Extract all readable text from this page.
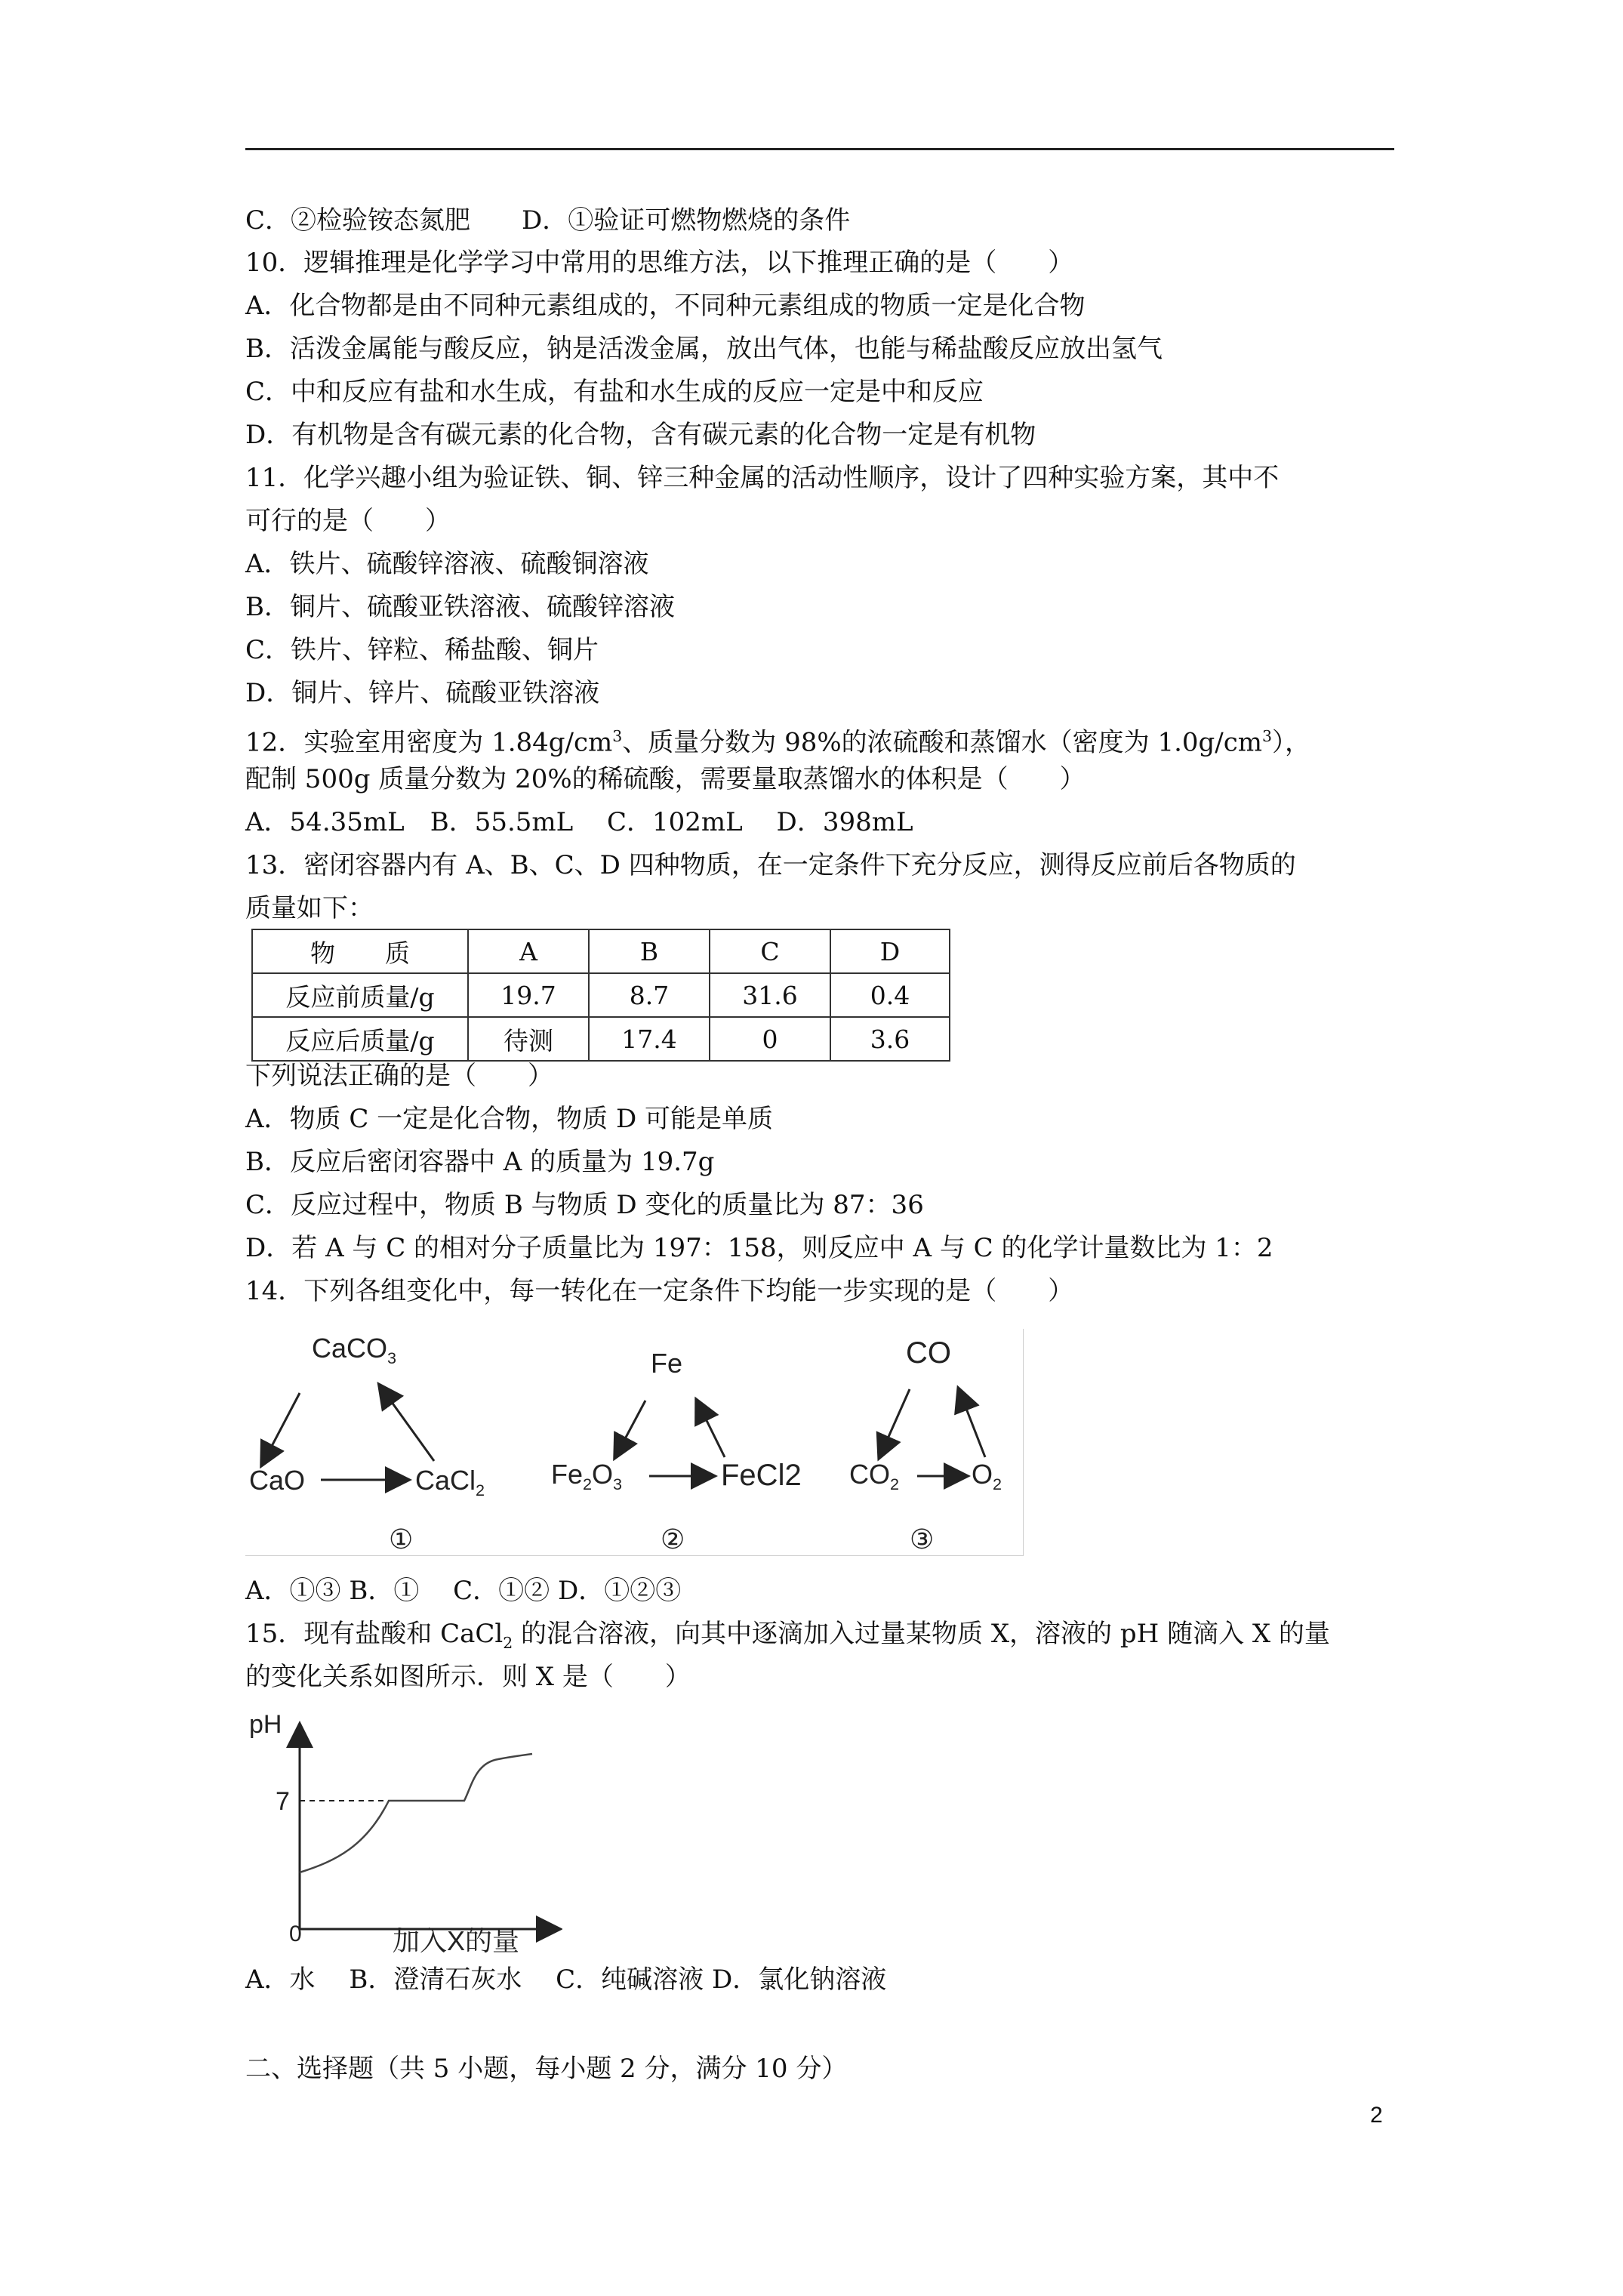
C．②检验铵态氮肥　　D．①验证可燃物燃烧的条件
10．逻辑推理是化学学习中常用的思维方法，以下推理正确的是（　　）
A．化合物都是由不同种元素组成的，不同种元素组成的物质一定是化合物
B．活泼金属能与酸反应，钠是活泼金属，放出气体，也能与稀盐酸反应放出氢气
C．中和反应有盐和水生成，有盐和水生成的反应一定是中和反应
D．有机物是含有碳元素的化合物，含有碳元素的化合物一定是有机物
11．化学兴趣小组为验证铁、铜、锌三种金属的活动性顺序，设计了四种实验方案，其中不
可行的是（　　）
A．铁片、硫酸锌溶液、硫酸铜溶液
B．铜片、硫酸亚铁溶液、硫酸锌溶液
C．铁片、锌粒、稀盐酸、铜片
D．铜片、锌片、硫酸亚铁溶液
12．实验室用密度为 $1.84g/cm^3$、质量分数为 98%的浓硫酸和蒸馏水（密度为 $1.0g/cm^3$），
配制 500g 质量分数为 20%的稀硫酸，需要量取蒸馏水的体积是（　　）
A．54.35mL　B．55.5mL　 C．102mL　 D．398mL
13．密闭容器内有 A、B、C、D 四种物质，在一定条件下充分反应，测得反应前后各物质的
质量如下：
物　　质	A	B	C	D
反应前质量/g	19.7	8.7	31.6	0.4
反应后质量/g	待测	17.4	0	3.6
下列说法正确的是（　　）
A．物质 C 一定是化合物，物质 D 可能是单质
B．反应后密闭容器中 A 的质量为 19.7g
C．反应过程中，物质 B 与物质 D 变化的质量比为 87：36
D．若 A 与 C 的相对分子质量比为 197：158，则反应中 A 与 C 的化学计量数比为 1：2
14．下列各组变化中，每一转化在一定条件下均能一步实现的是（　　）
CaCO$_3$
CaO	CaCl$_2$
①
Fe
$Fe_2O_3$	FeCl2
②
CO
$CO_2$	$O_2$
③
A．①③ B．①　 C．①② D．①②③
15．现有盐酸和 CaCl$_2$ 的混合溶液，向其中逐滴加入过量某物质 X，溶液的 pH 随滴入 X 的量
的变化关系如图所示．则 X 是（　　）
pH
7
0	加入X的量
A．水　 B．澄清石灰水　 C．纯碱溶液 D．氯化钠溶液
二、选择题（共 5 小题，每小题 2 分，满分 10 分）
2
